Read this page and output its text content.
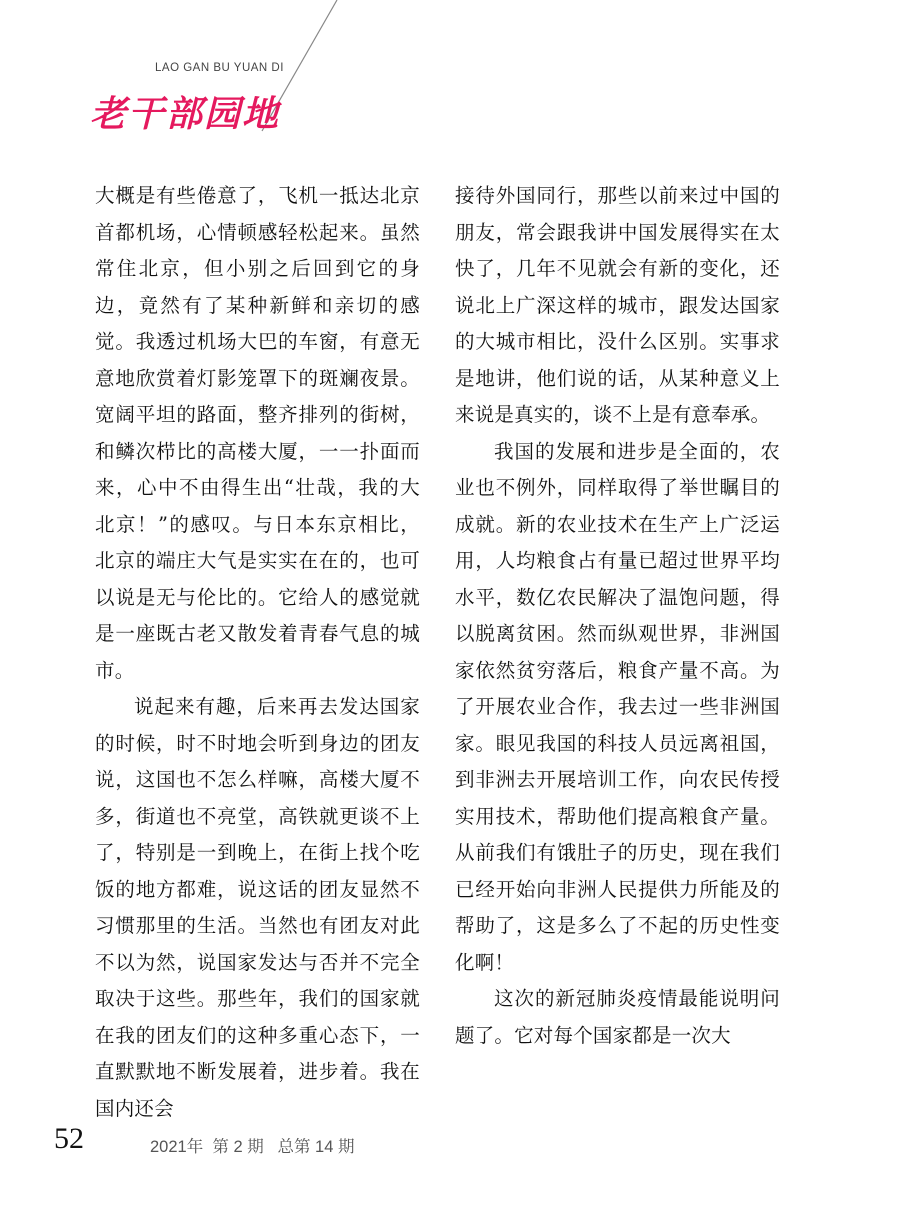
LAO GAN BU YUAN DI
老干部园地

大概是有些倦意了，飞机一抵达北京首都机场，心情顿感轻松起来。虽然常住北京，但小别之后回到它的身边，竟然有了某种新鲜和亲切的感觉。我透过机场大巴的车窗，有意无意地欣赏着灯影笼罩下的斑斓夜景。宽阔平坦的路面，整齐排列的街树，和鳞次栉比的高楼大厦，一一扑面而来，心中不由得生出“壮哉，我的大北京！”的感叹。与日本东京相比，北京的端庄大气是实实在在的，也可以说是无与伦比的。它给人的感觉就是一座既古老又散发着青春气息的城市。

说起来有趣，后来再去发达国家的时候，时不时地会听到身边的团友说，这国也不怎么样嘛，高楼大厦不多，街道也不亮堂，高铁就更谈不上了，特别是一到晚上，在街上找个吃饭的地方都难，说这话的团友显然不习惯那里的生活。当然也有团友对此不以为然，说国家发达与否并不完全取决于这些。那些年，我们的国家就在我的团友们的这种多重心态下，一直默默地不断发展着，进步着。我在国内还会

接待外国同行，那些以前来过中国的朋友，常会跟我讲中国发展得实在太快了，几年不见就会有新的变化，还说北上广深这样的城市，跟发达国家的大城市相比，没什么区别。实事求是地讲，他们说的话，从某种意义上来说是真实的，谈不上是有意奉承。

我国的发展和进步是全面的，农业也不例外，同样取得了举世瞩目的成就。新的农业技术在生产上广泛运用，人均粮食占有量已超过世界平均水平，数亿农民解决了温饱问题，得以脱离贫困。然而纵观世界，非洲国家依然贫穷落后，粮食产量不高。为了开展农业合作，我去过一些非洲国家。眼见我国的科技人员远离祖国，到非洲去开展培训工作，向农民传授实用技术，帮助他们提高粮食产量。从前我们有饿肚子的历史，现在我们已经开始向非洲人民提供力所能及的帮助了，这是多么了不起的历史性变化啊！

这次的新冠肺炎疫情最能说明问题了。它对每个国家都是一次大

52	2021年  第 2 期   总第 14 期
